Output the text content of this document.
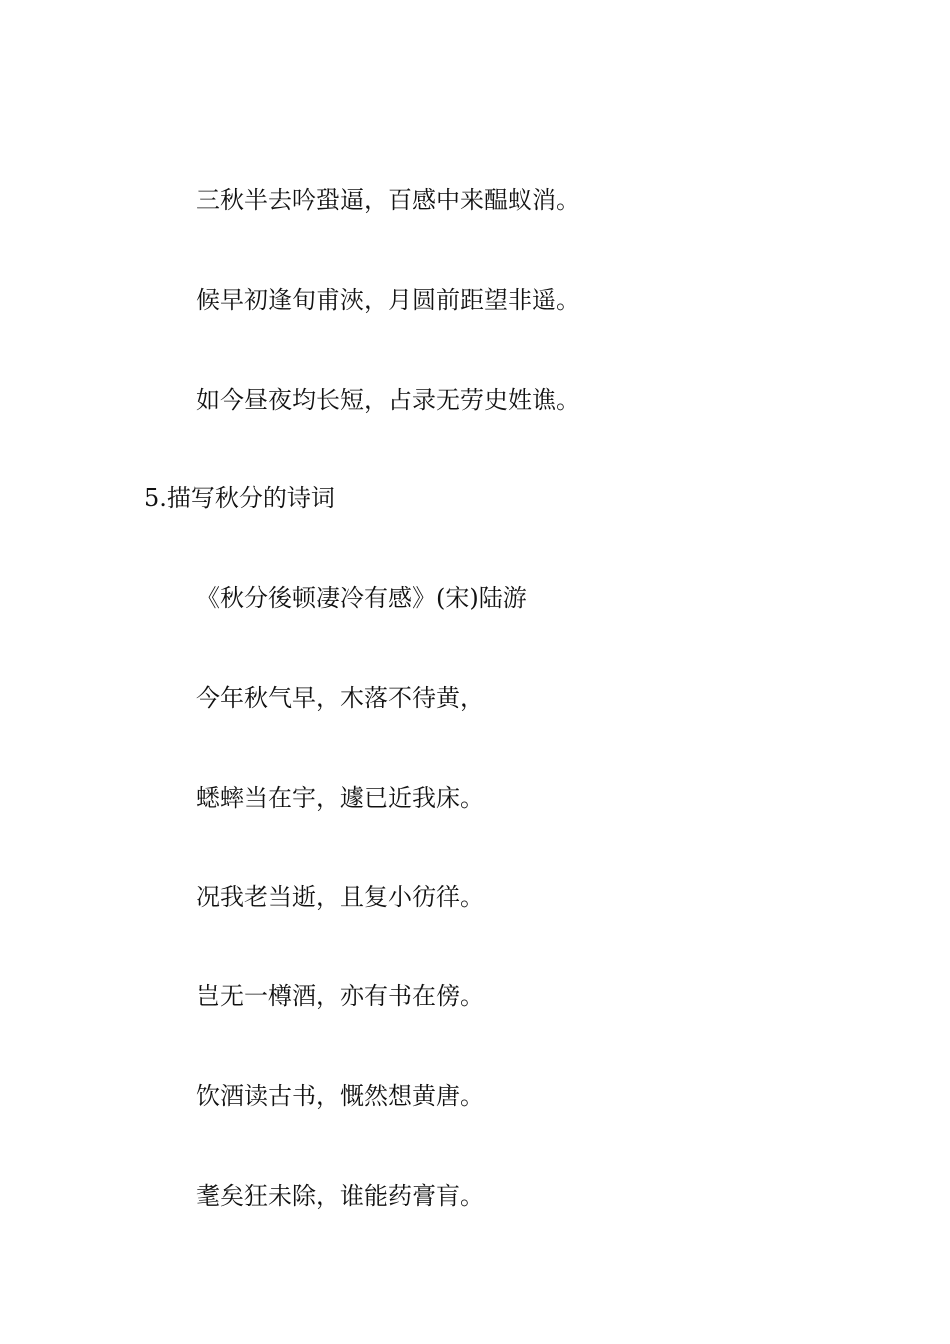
三秋半去吟蛩逼，百感中来醖蚁消。
候早初逢旬甫浹，月圆前距望非遥。
如今昼夜均长短，占录无劳史姓谯。
5.描写秋分的诗词
《秋分後顿凄冷有感》(宋)陆游
今年秋气早，木落不待黄，
蟋蟀当在宇，遽已近我床。
况我老当逝，且复小彷徉。
岂无一樽酒，亦有书在傍。
饮酒读古书，慨然想黄唐。
耄矣狂未除，谁能药膏肓。
